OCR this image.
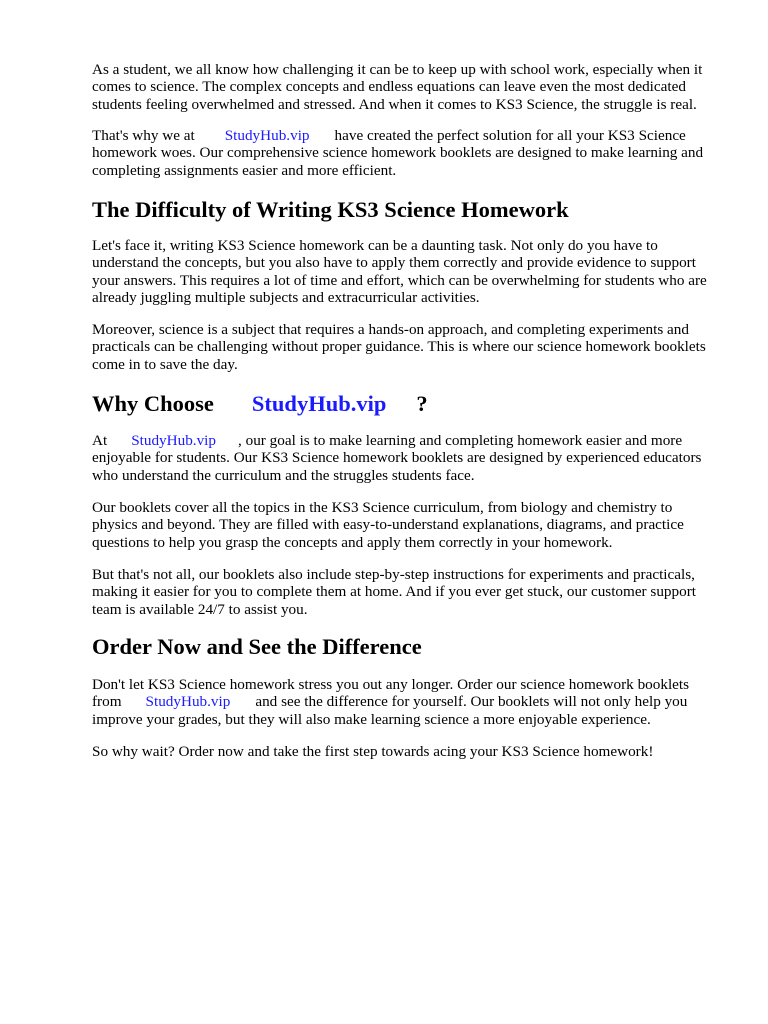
As a student, we all know how challenging it can be to keep up with school work, especially when it
comes to science. The complex concepts and endless equations can leave even the most dedicated
students feeling overwhelmed and stressed. And when it comes to KS3 Science, the struggle is real.

That's why we at StudyHub.vip have created the perfect solution for all your KS3 Science
homework woes. Our comprehensive science homework booklets are designed to make learning and
completing assignments easier and more efficient.

The Difficulty of Writing KS3 Science Homework

Let's face it, writing KS3 Science homework can be a daunting task. Not only do you have to
understand the concepts, but you also have to apply them correctly and provide evidence to support
your answers. This requires a lot of time and effort, which can be overwhelming for students who are
already juggling multiple subjects and extracurricular activities.

Moreover, science is a subject that requires a hands-on approach, and completing experiments and
practicals can be challenging without proper guidance. This is where our science homework booklets
come in to save the day.

Why Choose StudyHub.vip ?

At StudyHub.vip , our goal is to make learning and completing homework easier and more
enjoyable for students. Our KS3 Science homework booklets are designed by experienced educators
who understand the curriculum and the struggles students face.

Our booklets cover all the topics in the KS3 Science curriculum, from biology and chemistry to
physics and beyond. They are filled with easy-to-understand explanations, diagrams, and practice
questions to help you grasp the concepts and apply them correctly in your homework.

But that's not all, our booklets also include step-by-step instructions for experiments and practicals,
making it easier for you to complete them at home. And if you ever get stuck, our customer support
team is available 24/7 to assist you.

Order Now and See the Difference

Don't let KS3 Science homework stress you out any longer. Order our science homework booklets
from StudyHub.vip and see the difference for yourself. Our booklets will not only help you
improve your grades, but they will also make learning science a more enjoyable experience.

So why wait? Order now and take the first step towards acing your KS3 Science homework!
